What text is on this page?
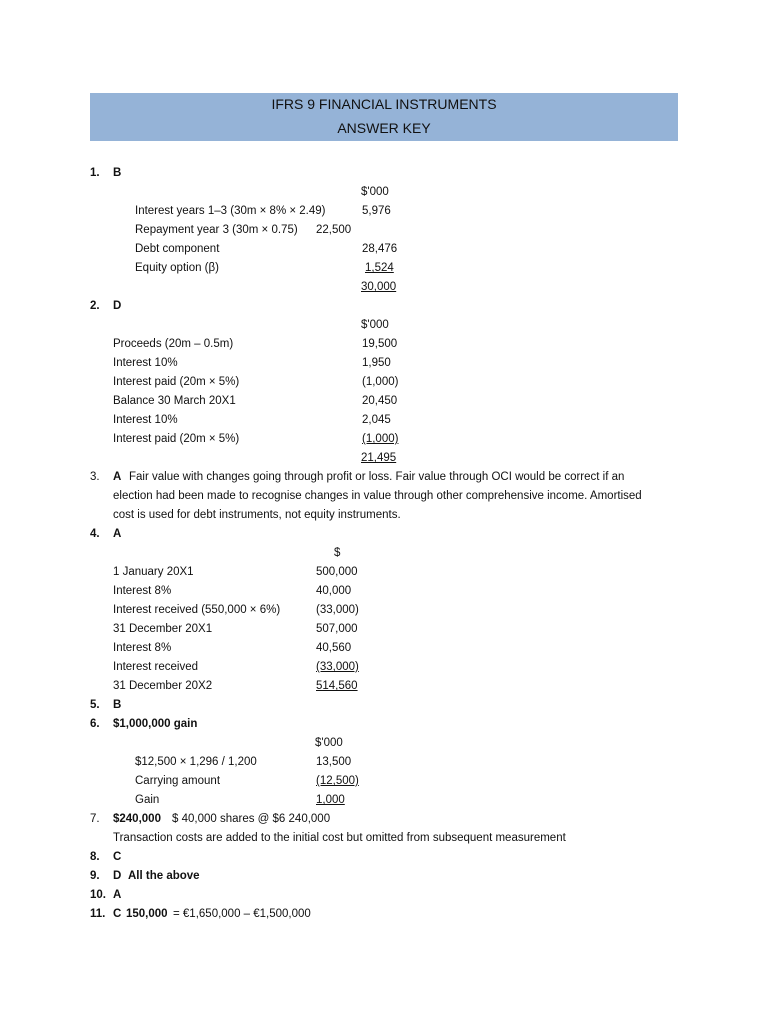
IFRS 9 FINANCIAL INSTRUMENTS
ANSWER KEY
1. B
$'000
Interest years 1–3 (30m × 8% × 2.49)	5,976
Repayment year 3 (30m × 0.75) 22,500
Debt component	28,476
Equity option (β)	1,524
30,000
2. D
$'000
Proceeds (20m – 0.5m)	19,500
Interest 10%	1,950
Interest paid (20m × 5%)	(1,000)
Balance 30 March 20X1	20,450
Interest 10%	2,045
Interest paid (20m × 5%)	(1,000)
21,495
3. A Fair value with changes going through profit or loss. Fair value through OCI would be correct if an
election had been made to recognise changes in value through other comprehensive income. Amortised
cost is used for debt instruments, not equity instruments.
4. A
$
1 January 20X1	500,000
Interest 8%	40,000
Interest received (550,000 × 6%)	(33,000)
31 December 20X1	507,000
Interest 8%	40,560
Interest received	(33,000)
31 December 20X2	514,560
5. B
6. $1,000,000 gain
$'000
$12,500 × 1,296 / 1,200	13,500
Carrying amount	(12,500)
Gain	1,000
7. $240,000 $ 40,000 shares @ $6 240,000
Transaction costs are added to the initial cost but omitted from subsequent measurement
8. C
9. D All the above
10. A
11. C 150,000 = €1,650,000 – €1,500,000
